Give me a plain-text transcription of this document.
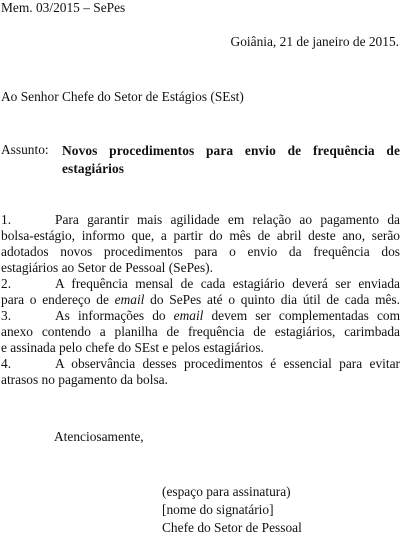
Mem. 03/2015 – SePes
Goiânia, 21 de janeiro de 2015.
Ao Senhor Chefe do Setor de Estágios (SEst)
Assunto: Novos procedimentos para envio de frequência de
estagiários
1.	Para garantir mais agilidade em relação ao pagamento da
bolsa-estágio, informo que, a partir do mês de abril deste ano, serão
adotados novos procedimentos para o envio da frequência dos
estagiários ao Setor de Pessoal (SePes).
2.	A frequência mensal de cada estagiário deverá ser enviada
para o endereço de email do SePes até o quinto dia útil de cada mês.
3.	As informações do email devem ser complementadas com
anexo contendo a planilha de frequência de estagiários, carimbada
e assinada pelo chefe do SEst e pelos estagiários.
4.	A observância desses procedimentos é essencial para evitar
atrasos no pagamento da bolsa.
Atenciosamente,
(espaço para assinatura)
[nome do signatário]
Chefe do Setor de Pessoal
